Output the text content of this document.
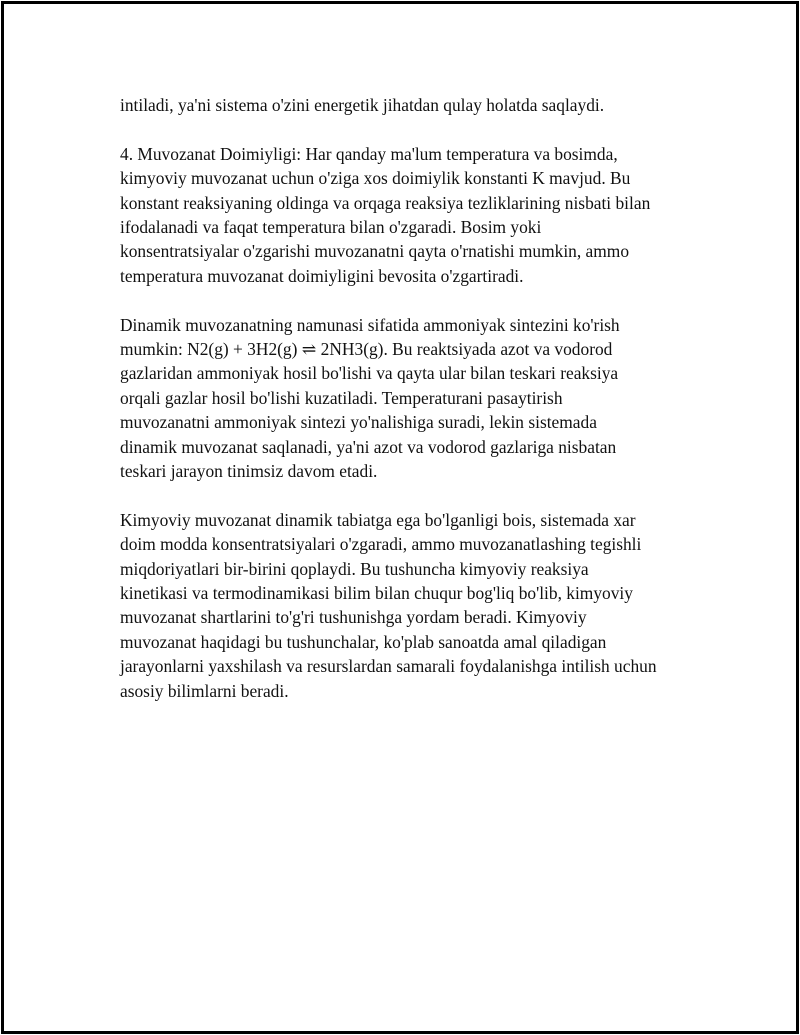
intiladi, ya'ni sistema o'zini energetik jihatdan qulay holatda saqlaydi.

4. Muvozanat Doimiyligi: Har qanday ma'lum temperatura va bosimda,
kimyoviy muvozanat uchun o'ziga xos doimiylik konstanti K mavjud. Bu
konstant reaksiyaning oldinga va orqaga reaksiya tezliklarining nisbati bilan
ifodalanadi va faqat temperatura bilan o'zgaradi. Bosim yoki
konsentratsiyalar o'zgarishi muvozanatni qayta o'rnatishi mumkin, ammo
temperatura muvozanat doimiyligini bevosita o'zgartiradi.

Dinamik muvozanatning namunasi sifatida ammoniyak sintezini ko'rish
mumkin: N2(g) + 3H2(g) ⇌ 2NH3(g). Bu reaktsiyada azot va vodorod
gazlaridan ammoniyak hosil bo'lishi va qayta ular bilan teskari reaksiya
orqali gazlar hosil bo'lishi kuzatiladi. Temperaturani pasaytirish
muvozanatni ammoniyak sintezi yo'nalishiga suradi, lekin sistemada
dinamik muvozanat saqlanadi, ya'ni azot va vodorod gazlariga nisbatan
teskari jarayon tinimsiz davom etadi.

Kimyoviy muvozanat dinamik tabiatga ega bo'lganligi bois, sistemada xar
doim modda konsentratsiyalari o'zgaradi, ammo muvozanatlashing tegishli
miqdoriyatlari bir-birini qoplaydi. Bu tushuncha kimyoviy reaksiya
kinetikasi va termodinamikasi bilim bilan chuqur bog'liq bo'lib, kimyoviy
muvozanat shartlarini to'g'ri tushunishga yordam beradi. Kimyoviy
muvozanat haqidagi bu tushunchalar, ko'plab sanoatda amal qiladigan
jarayonlarni yaxshilash va resurslardan samarali foydalanishga intilish uchun
asosiy bilimlarni beradi.
